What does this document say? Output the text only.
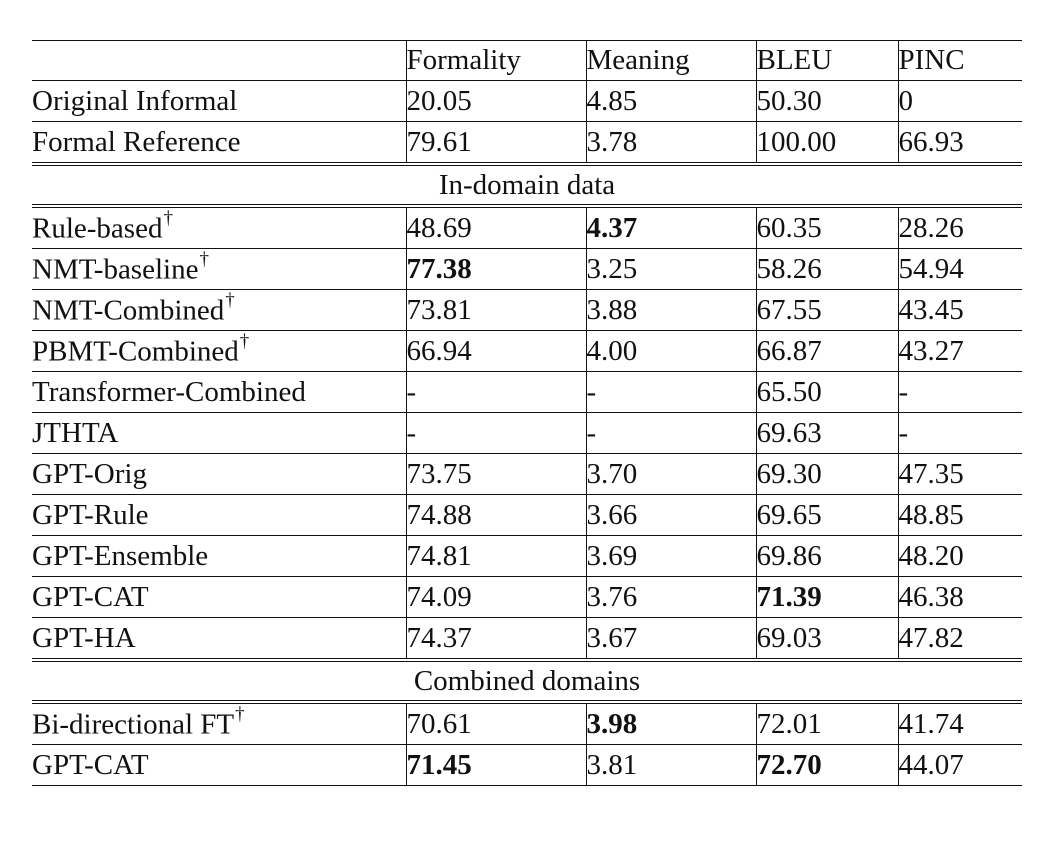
	Formality	Meaning	BLEU	PINC
Original Informal	20.05	4.85	50.30	0
Formal Reference	79.61	3.78	100.00	66.93
In-domain data				
Rule-based†	48.69	4.37	60.35	28.26
NMT-baseline†	77.38	3.25	58.26	54.94
NMT-Combined†	73.81	3.88	67.55	43.45
PBMT-Combined†	66.94	4.00	66.87	43.27
Transformer-Combined	-	-	65.50	-
JTHTA	-	-	69.63	-
GPT-Orig	73.75	3.70	69.30	47.35
GPT-Rule	74.88	3.66	69.65	48.85
GPT-Ensemble	74.81	3.69	69.86	48.20
GPT-CAT	74.09	3.76	71.39	46.38
GPT-HA	74.37	3.67	69.03	47.82
Combined domains				
Bi-directional FT†	70.61	3.98	72.01	41.74
GPT-CAT	71.45	3.81	72.70	44.07
